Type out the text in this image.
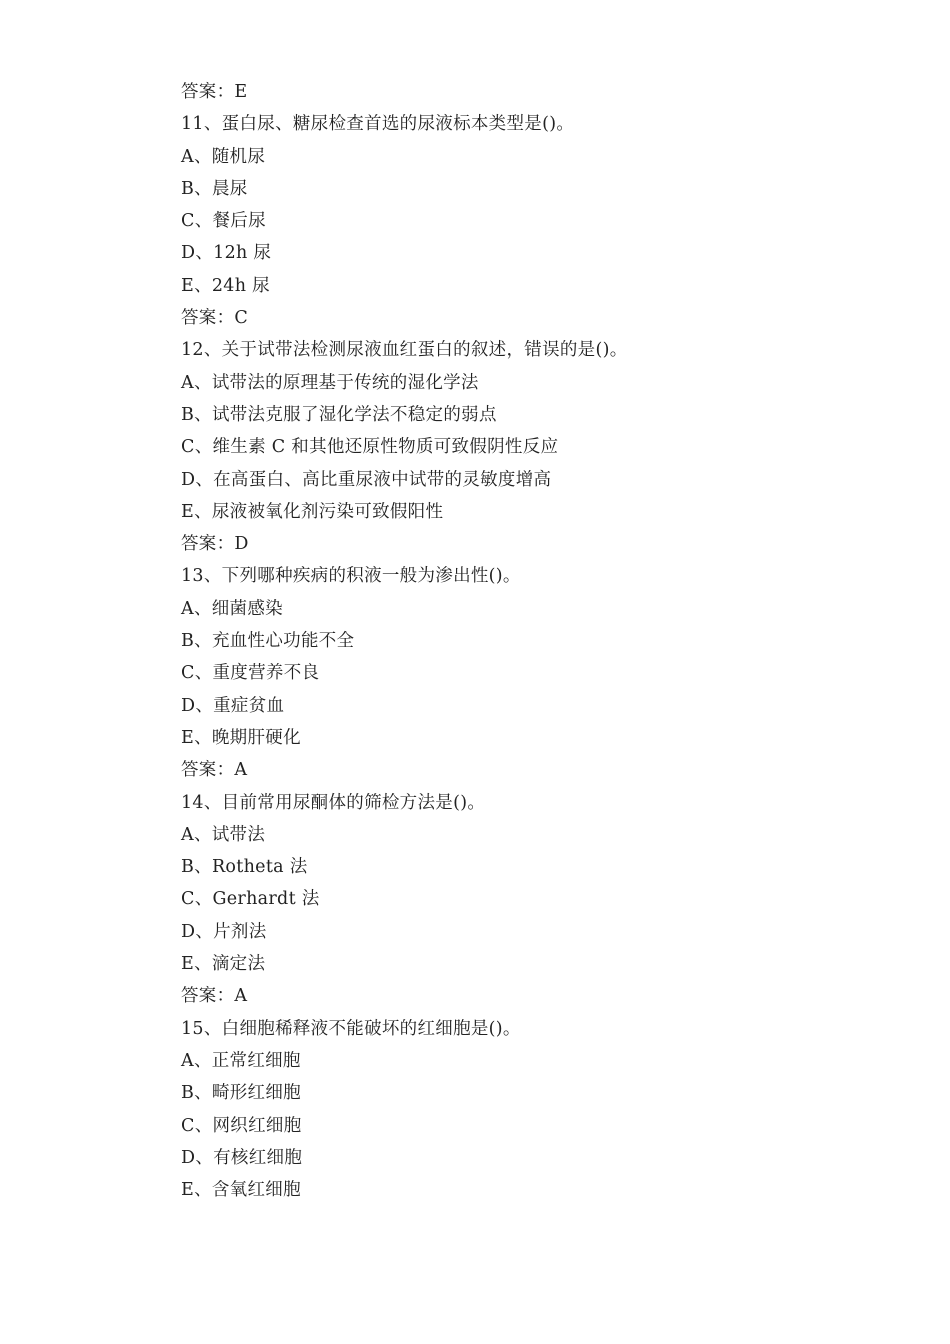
答案：E
11、蛋白尿、糖尿检查首选的尿液标本类型是()。
A、随机尿
B、晨尿
C、餐后尿
D、12h 尿
E、24h 尿
答案：C
12、关于试带法检测尿液血红蛋白的叙述，错误的是()。
A、试带法的原理基于传统的湿化学法
B、试带法克服了湿化学法不稳定的弱点
C、维生素 C 和其他还原性物质可致假阴性反应
D、在高蛋白、高比重尿液中试带的灵敏度增高
E、尿液被氧化剂污染可致假阳性
答案：D
13、下列哪种疾病的积液一般为渗出性()。
A、细菌感染
B、充血性心功能不全
C、重度营养不良
D、重症贫血
E、晚期肝硬化
答案：A
14、目前常用尿酮体的筛检方法是()。
A、试带法
B、Rotheta 法
C、Gerhardt 法
D、片剂法
E、滴定法
答案：A
15、白细胞稀释液不能破坏的红细胞是()。
A、正常红细胞
B、畸形红细胞
C、网织红细胞
D、有核红细胞
E、含氧红细胞
